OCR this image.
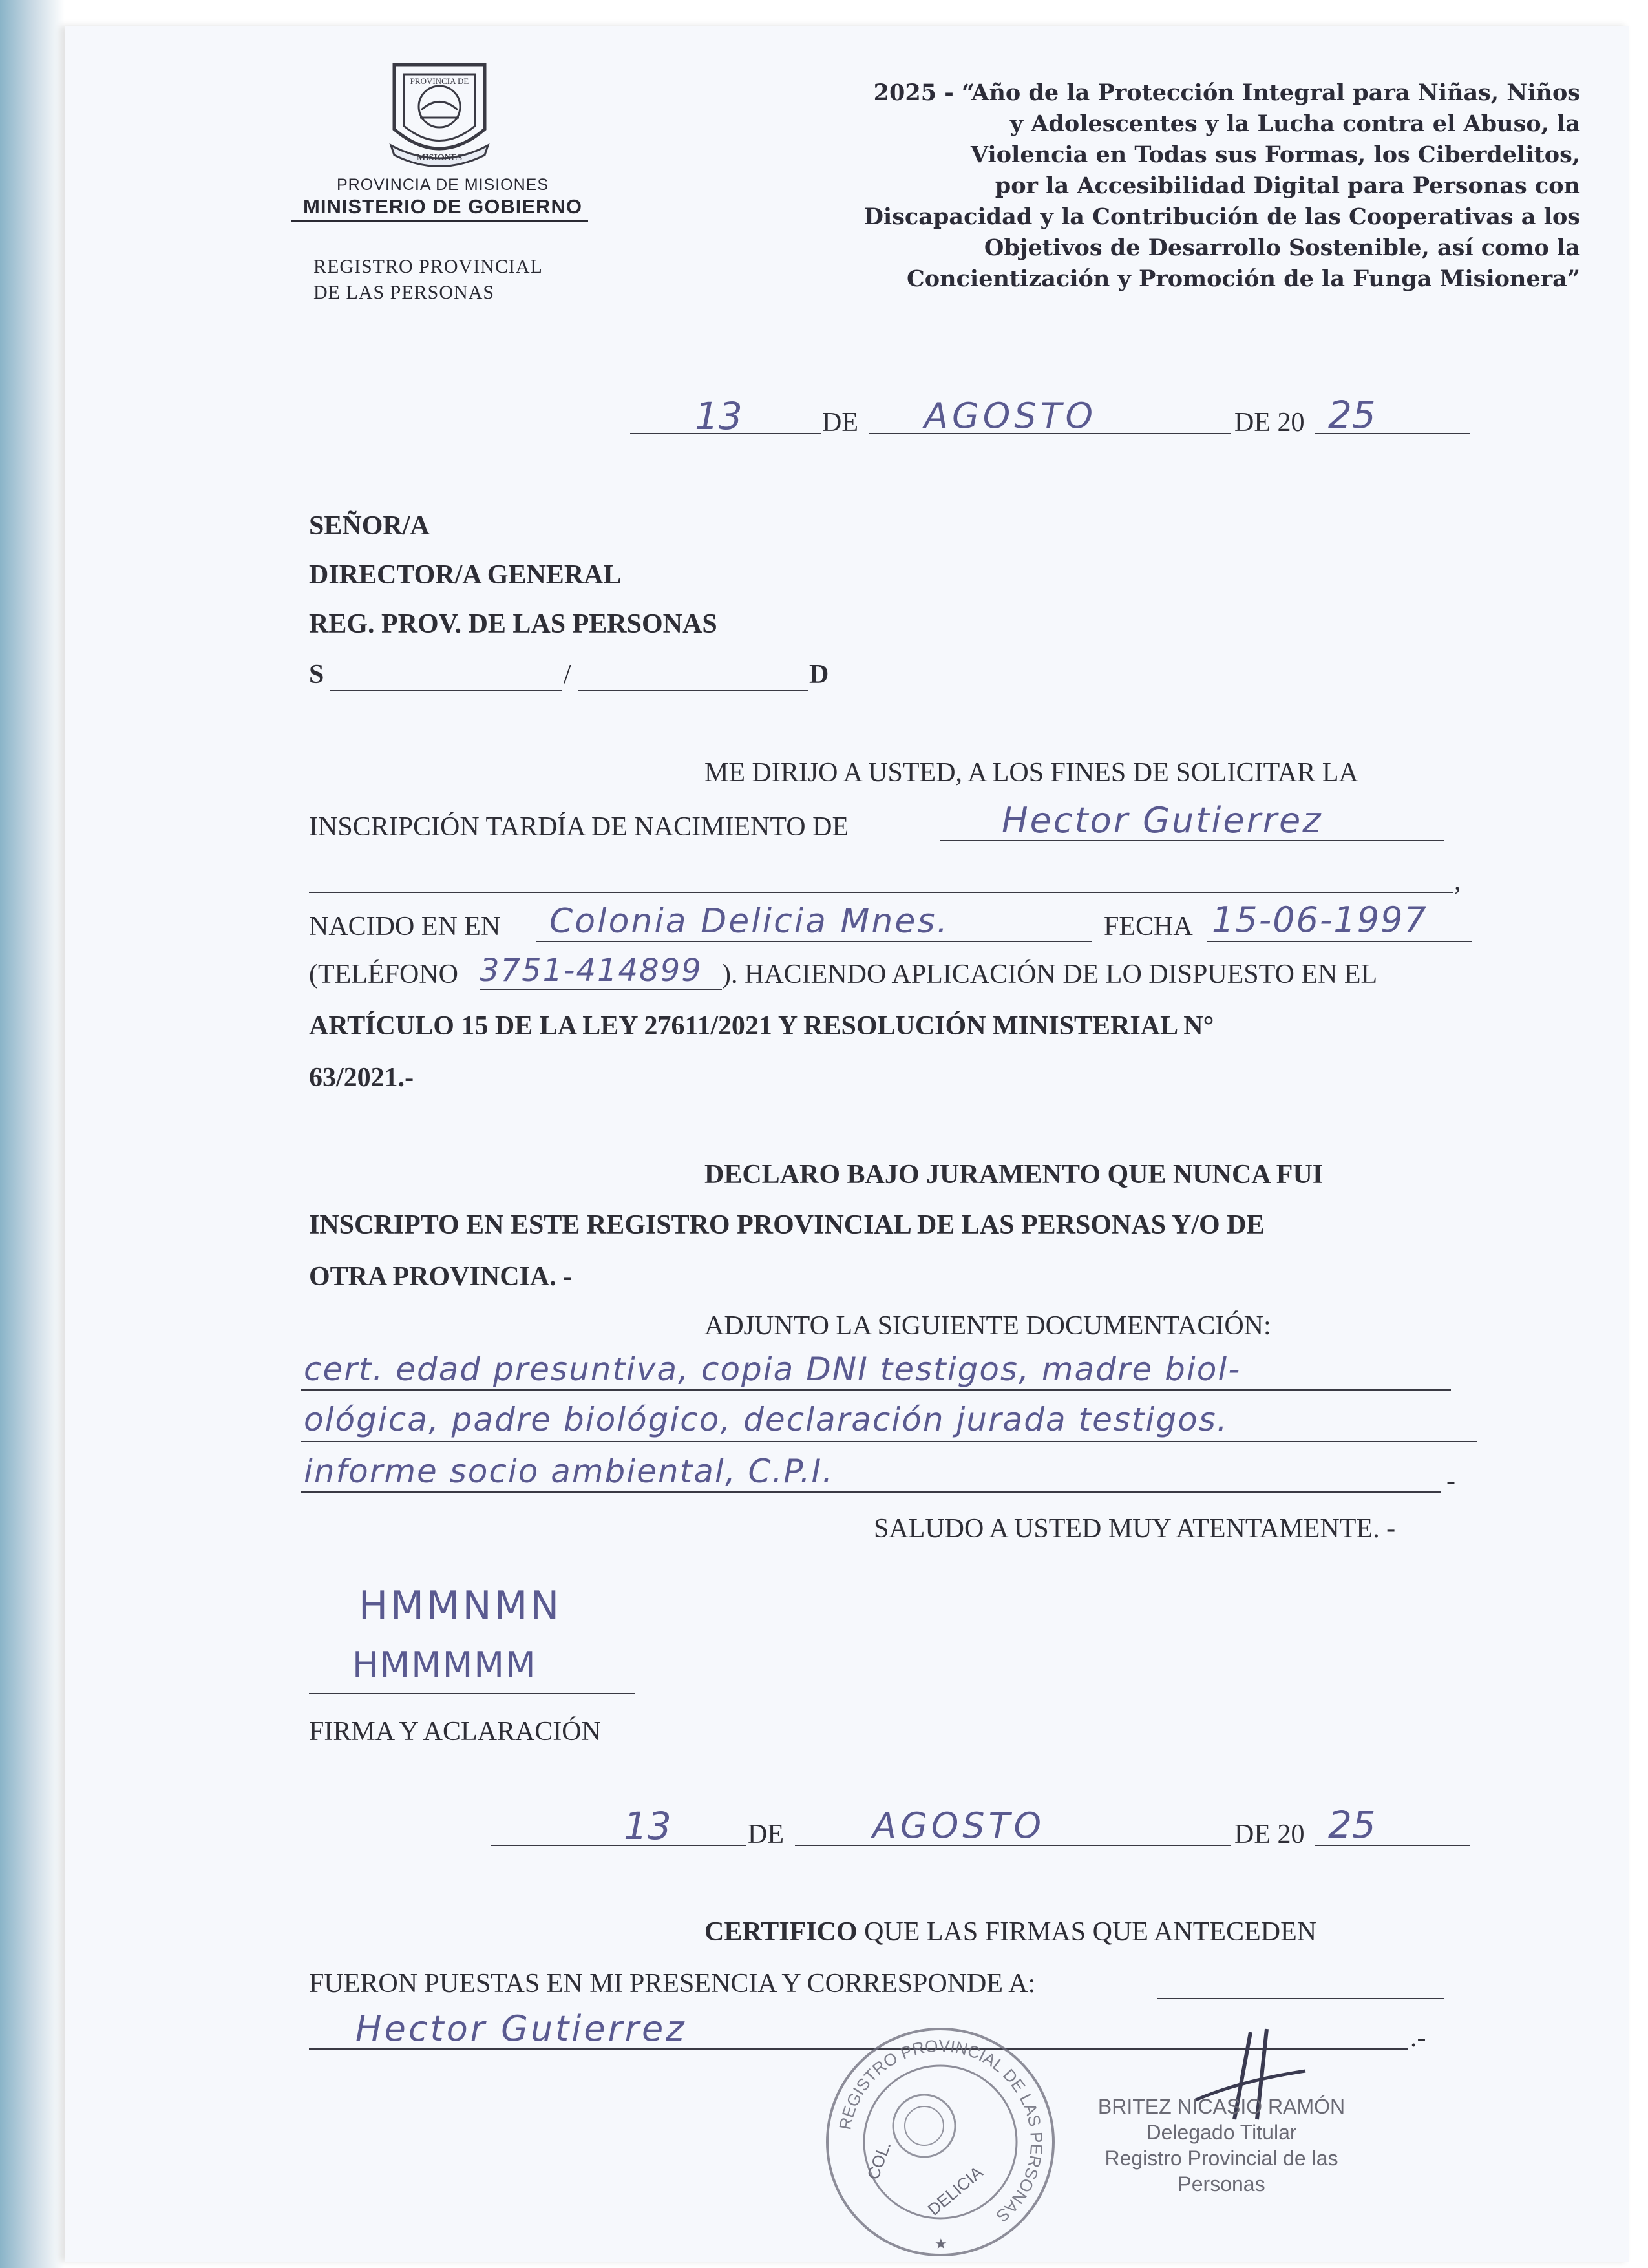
PROVINCIA DE
MISIONES
PROVINCIA DE MISIONES
MINISTERIO DE GOBIERNO
REGISTRO PROVINCIAL
DE LAS PERSONAS
2025 - “Año de la Protección Integral para Niñas, Niños
y Adolescentes y la Lucha contra el Abuso, la
Violencia en Todas sus Formas, los Ciberdelitos,
por la Accesibilidad Digital para Personas con
Discapacidad y la Contribución de las Cooperativas a los
Objetivos de Desarrollo Sostenible, así como la
Concientización y Promoción de la Funga Misionera”
13	DE AGOSTO	DE 20 25
SEÑOR/A
DIRECTOR/A GENERAL
REG. PROV. DE LAS PERSONAS
S	/	D
ME DIRIJO A USTED, A LOS FINES DE SOLICITAR LA
INSCRIPCIÓN TARDÍA DE NACIMIENTO DE	Hector Gutierrez
,
NACIDO EN EN Colonia Delicia Mnes.	FECHA 15-06-1997
(TELÉFONO 3751-414899 ). HACIENDO APLICACIÓN DE LO DISPUESTO EN EL
ARTÍCULO 15 DE LA LEY 27611/2021 Y RESOLUCIÓN MINISTERIAL N°
63/2021.-
DECLARO BAJO JURAMENTO QUE NUNCA FUI
INSCRIPTO EN ESTE REGISTRO PROVINCIAL DE LAS PERSONAS Y/O DE
OTRA PROVINCIA. -
ADJUNTO LA SIGUIENTE DOCUMENTACIÓN:
cert. edad presuntiva, copia DNI testigos, madre biol-
ológica, padre biológico, declaración jurada testigos.
informe socio ambiental, C.P.I.	-
SALUDO A USTED MUY ATENTAMENTE. -
HMMNMN
HMMMMM
FIRMA Y ACLARACIÓN
13	DE	AGOSTO	DE 20 25
CERTIFICO QUE LAS FIRMAS QUE ANTECEDEN
FUERON PUESTAS EN MI PRESENCIA Y CORRESPONDE A:
Hector Gutierrez	.-
REGISTRO PROVINCIAL DE LAS PERSONAS
COL.
DELICIA
★
BRITEZ NICASIO RAMÓN
Delegado Titular
Registro Provincial de las
Personas
